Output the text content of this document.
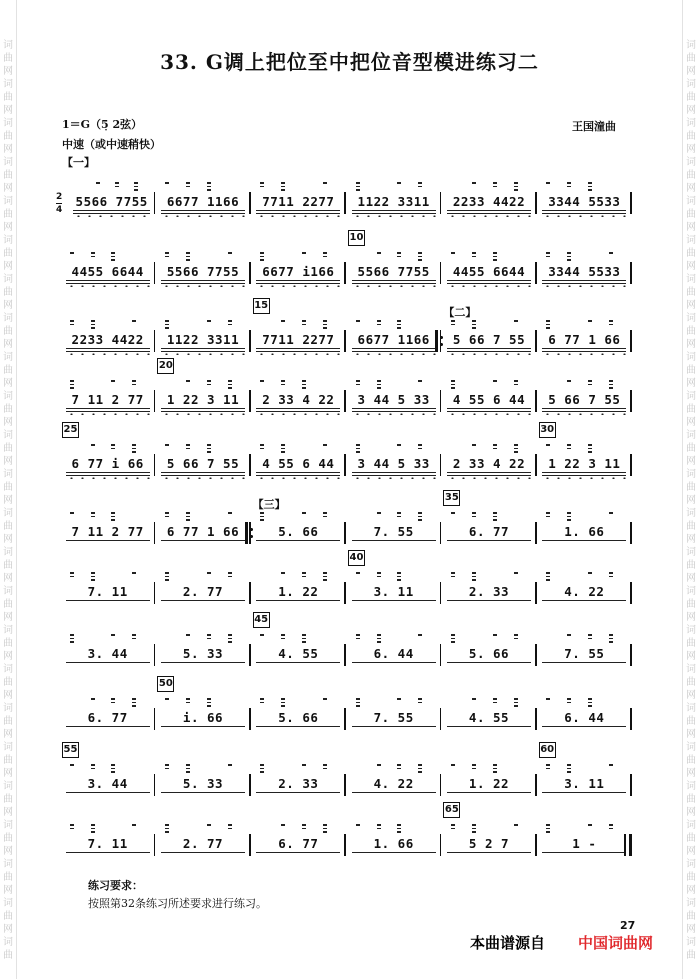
词
曲
网
词
曲
网
词
曲
网
词
曲
网
词
曲
网
词
曲
网
词
曲
网
词
曲
网
词
曲
网
词
曲
网
词
曲
网
词
曲
网
词
曲
网
词
曲
网
词
曲
网
词
曲
网
词
曲
网
词
曲
网
词
曲
网
词
曲
网
词
曲
网
词
曲
网
词
曲
网
词
曲
词
曲
网
词
曲
网
词
曲
网
词
曲
网
词
曲
网
词
曲
网
词
曲
网
词
曲
网
词
曲
网
词
曲
网
词
曲
网
词
曲
网
词
曲
网
词
曲
网
词
曲
网
词
曲
网
词
曲
网
词
曲
网
词
曲
网
词
曲
网
词
曲
网
词
曲
网
词
曲
网
词
曲
33. G调上把位至中把位音型模进练习二
1＝G（5̣ 2弦）	王国潼曲
中速（或中速稍快）
【一】
2
4
5566 7755	6677 1166	7711 2277	1122 3311	2233 4422	3344 5533
4455 6644	5566 7755	6677 i166	5566 7755	4455 6644	3344 5533
10
2233 4422	1122 3311	7711 2277	6677 1166	5 66 7 55	6 77 1 66
【二】
15
7 11 2 77	1 22 3 11	2 33 4 22	3 44 5 33	4 55 6 44	5 66 7 55
20
6 77 i 66	5 66 7 55	4 55 6 44	3 44 5 33	2 33 4 22	1 22 3 11
25	30
7 11 2 77	6 77 1 66	5. 66	7. 55	6. 77	1. 66
【三】
35
7. 11	2. 77	1. 22	3. 11	2. 33	4. 22
40
3. 44	5. 33	4. 55	6. 44	5. 66	7. 55
45
6. 77	i. 66	5. 66	7. 55	4. 55	6. 44
50
3. 44	5. 33	2. 33	4. 22	1. 22	3. 11
55	60
7. 11	2. 77	6. 77	1. 66	5 2 7	1 -
65
练习要求：
按照第32条练习所述要求进行练习。
27
本曲谱源自 中国词曲网
